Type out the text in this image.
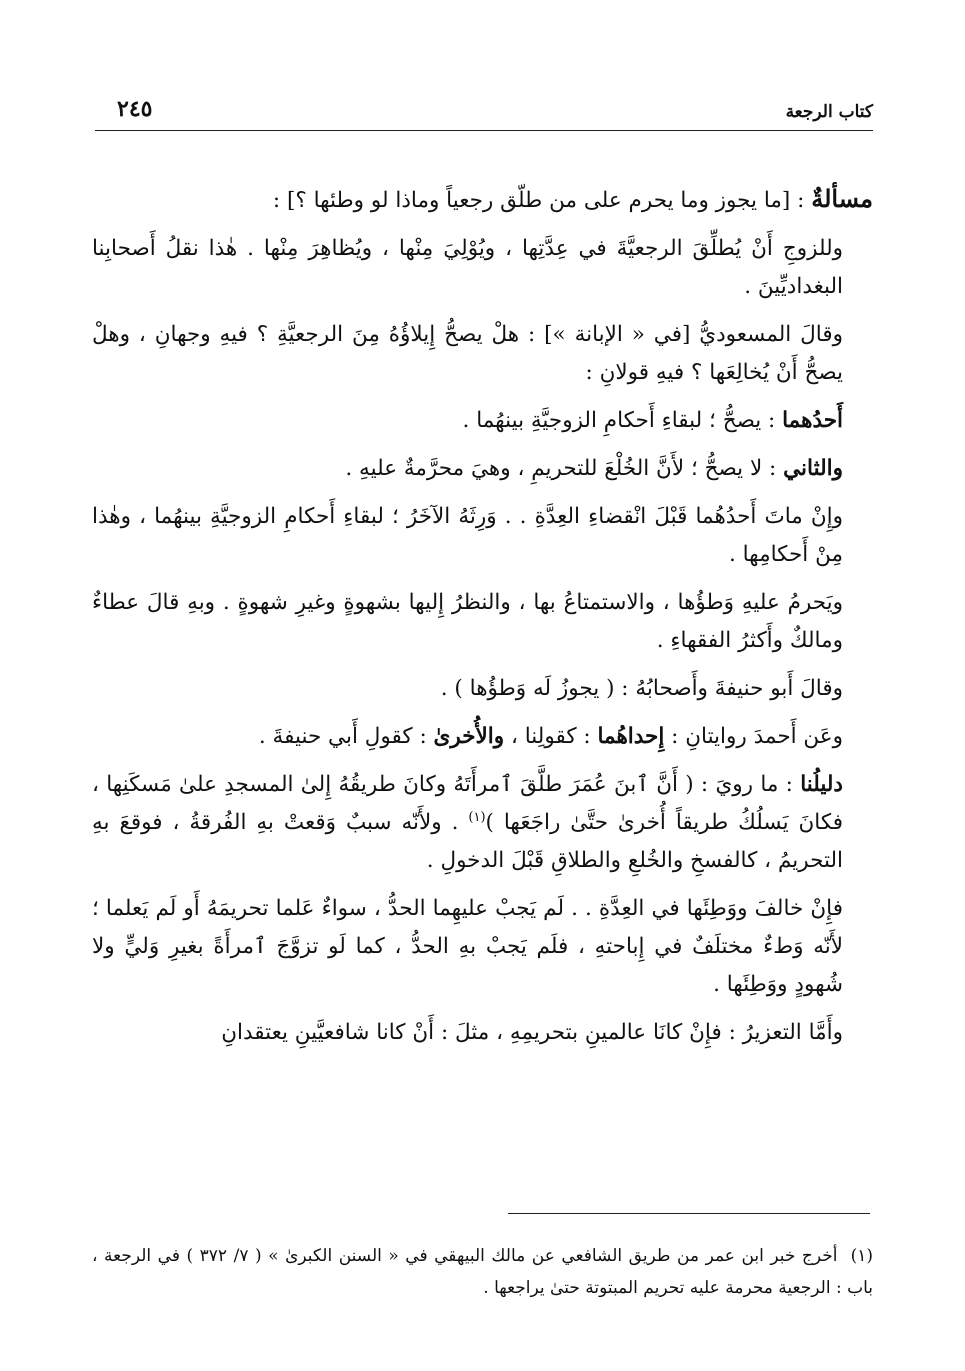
٢٤٥	كتاب الرجعة

مسألةٌ : [ما يجوز وما يحرم على من طلّق رجعياً وماذا لو وطئها ؟] :

وللزوجِ أَنْ يُطلِّقَ الرجعيَّةَ في عِدَّتِها ، ويُوْلِيَ مِنْها ، ويُظاهِرَ مِنْها . هٰذا نقلُ أَصحابِنا البغداديِّينَ .

وقالَ المسعوديُّ [في « الإبانة »] : هلْ يصحُّ إِيلاؤُهُ مِنَ الرجعيَّةِ ؟ فيهِ وجهانِ ، وهلْ يصحُّ أَنْ يُخالِعَها ؟ فيهِ قولانِ :

أَحدُهما : يصحُّ ؛ لبقاءِ أَحكامِ الزوجيَّةِ بينهُما .

والثاني : لا يصحُّ ؛ لأَنَّ الخُلْعَ للتحريمِ ، وهيَ محرَّمةٌ عليهِ .

وإِنْ ماتَ أَحدُهُما قَبْلَ انْقضاءِ العِدَّةِ . . وَرِثَهُ الآخَرُ ؛ لبقاءِ أَحكامِ الزوجيَّةِ بينهُما ، وهٰذا مِنْ أَحكامِها .

ويَحرمُ عليهِ وَطؤُها ، والاستمتاعُ بها ، والنظرُ إِليها بشهوةٍ وغيرِ شهوةٍ . وبهِ قالَ عطاءٌ ومالكٌ وأَكثرُ الفقهاءِ .

وقالَ أَبو حنيفةَ وأَصحابُهُ : ( يجوزُ لَه وَطؤُها ) .

وعَن أَحمدَ روايتانِ : إِحداهُما : كقولِنا ، والأُخرىٰ : كقولِ أَبي حنيفةَ .

دليلُنا : ما رويَ : ( أَنَّ ٱبنَ عُمَرَ طلَّقَ ٱمرأَتَهُ وكانَ طريقُهُ إِلىٰ المسجدِ علىٰ مَسكَنِها ، فكانَ يَسلُكُ طريقاً أُخرىٰ حتَّىٰ راجَعَها )$^{(١)}$ . ولأَنّه سببٌ وَقعتْ بهِ الفُرقةُ ، فوقعَ بهِ التحريمُ ، كالفسخِ والخُلعِ والطلاقِ قَبْلَ الدخولِ .

فإِنْ خالفَ ووَطِئَها في العِدَّةِ . . لَم يَجبْ عليهِما الحدُّ ، سواءٌ عَلما تحريمَهُ أَو لَم يَعلما ؛ لأَنّه وَطءٌ مختلَفٌ في إِباحتهِ ، فلَم يَجبْ بهِ الحدُّ ، كما لَو تزوَّجَ ٱمرأَةً بغيرِ وَليٍّ ولا شُهودٍ ووَطِئَها .

وأَمَّا التعزيرُ : فإِنْ كانَا عالمينِ بتحريمِهِ ، مثلَ : أَنْ كانا شافعيَّينِ يعتقدانِ

(١)  أخرج خبر ابن عمر من طريق الشافعي عن مالك البيهقي في « السنن الكبرىٰ » ( ٧/ ٣٧٢ ) في الرجعة ، باب : الرجعية محرمة عليه تحريم المبتوتة حتىٰ يراجعها .
